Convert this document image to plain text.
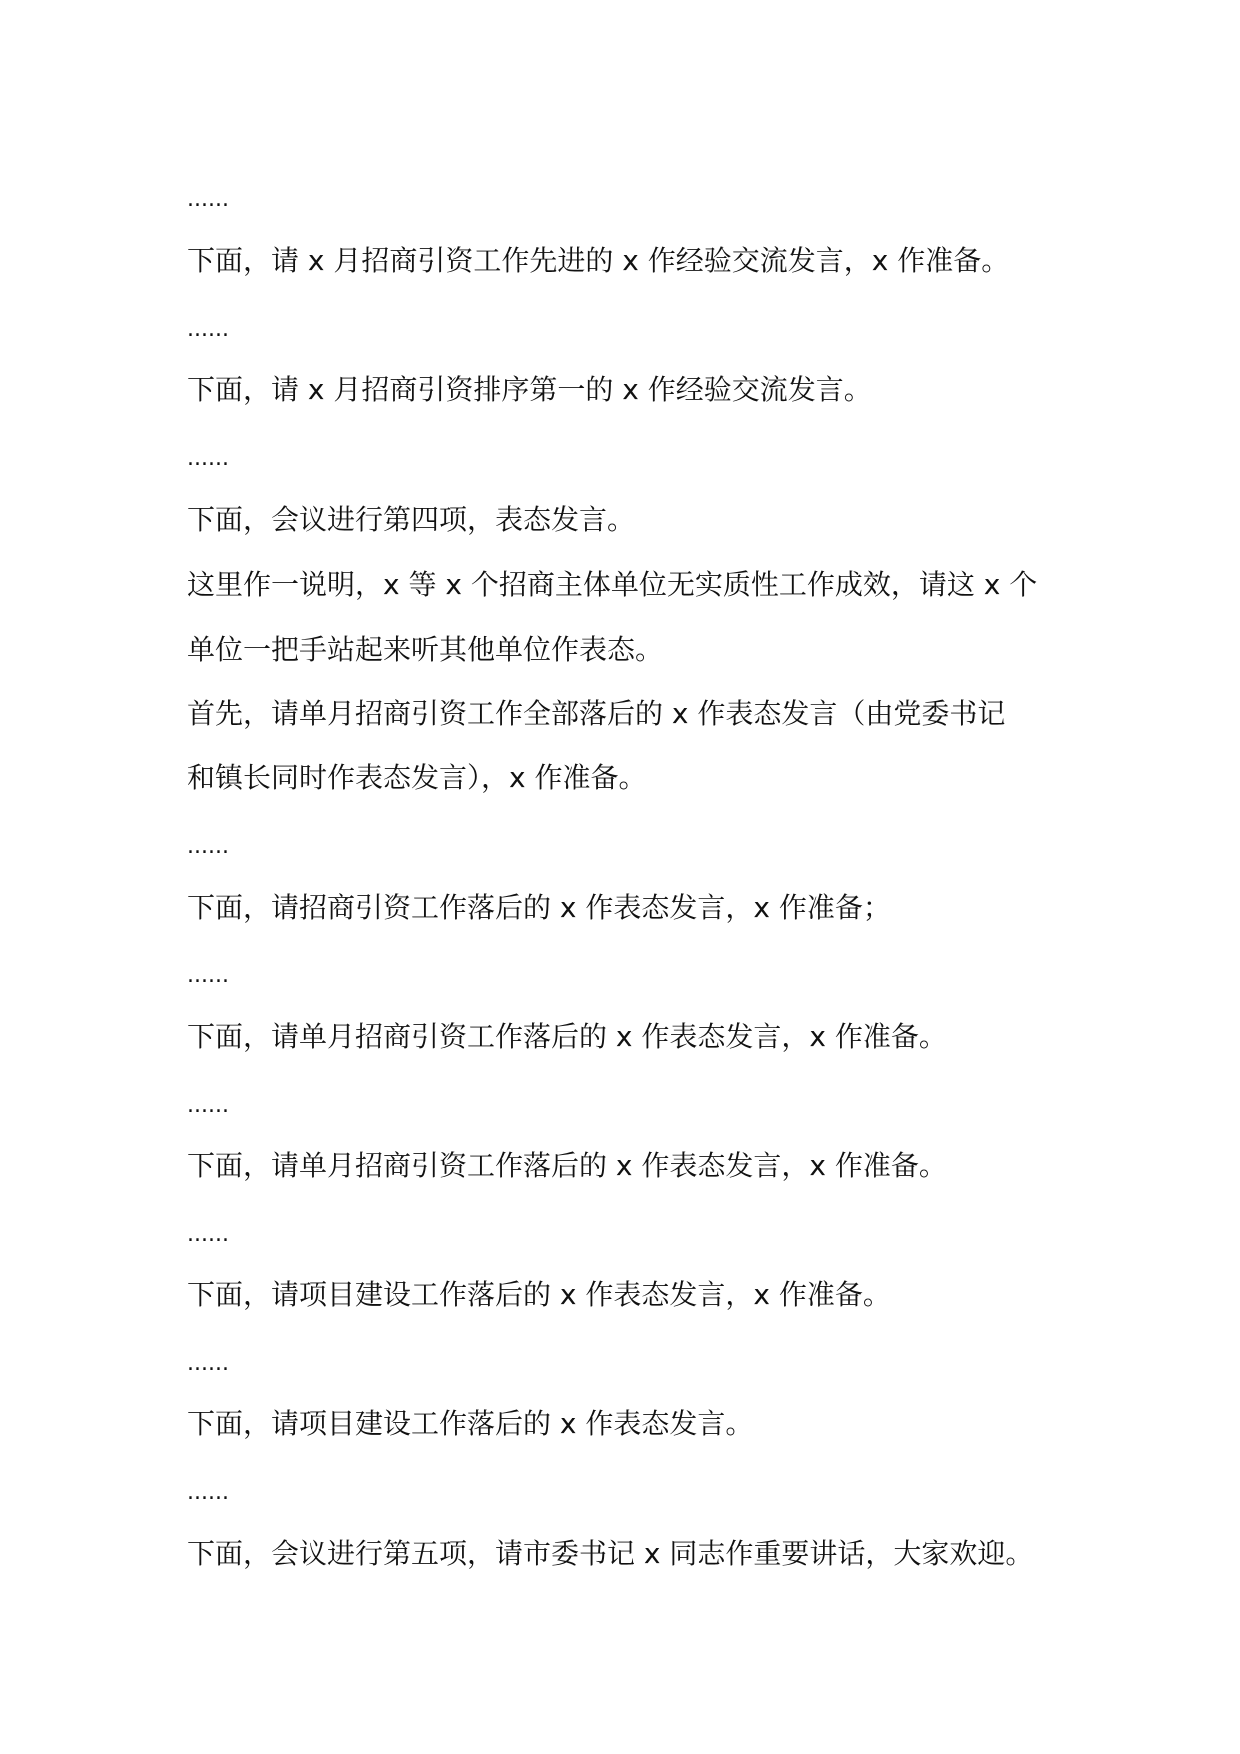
......
下面，请 x 月招商引资工作先进的 x 作经验交流发言，x 作准备。
......
下面，请 x 月招商引资排序第一的 x 作经验交流发言。
......
下面，会议进行第四项，表态发言。
这里作一说明，x 等 x 个招商主体单位无实质性工作成效，请这 x 个
单位一把手站起来听其他单位作表态。
首先，请单月招商引资工作全部落后的 x 作表态发言（由党委书记
和镇长同时作表态发言），x 作准备。
......
下面，请招商引资工作落后的 x 作表态发言，x 作准备；
......
下面，请单月招商引资工作落后的 x 作表态发言，x 作准备。
......
下面，请单月招商引资工作落后的 x 作表态发言，x 作准备。
......
下面，请项目建设工作落后的 x 作表态发言，x 作准备。
......
下面，请项目建设工作落后的 x 作表态发言。
......
下面，会议进行第五项，请市委书记 x 同志作重要讲话，大家欢迎。
